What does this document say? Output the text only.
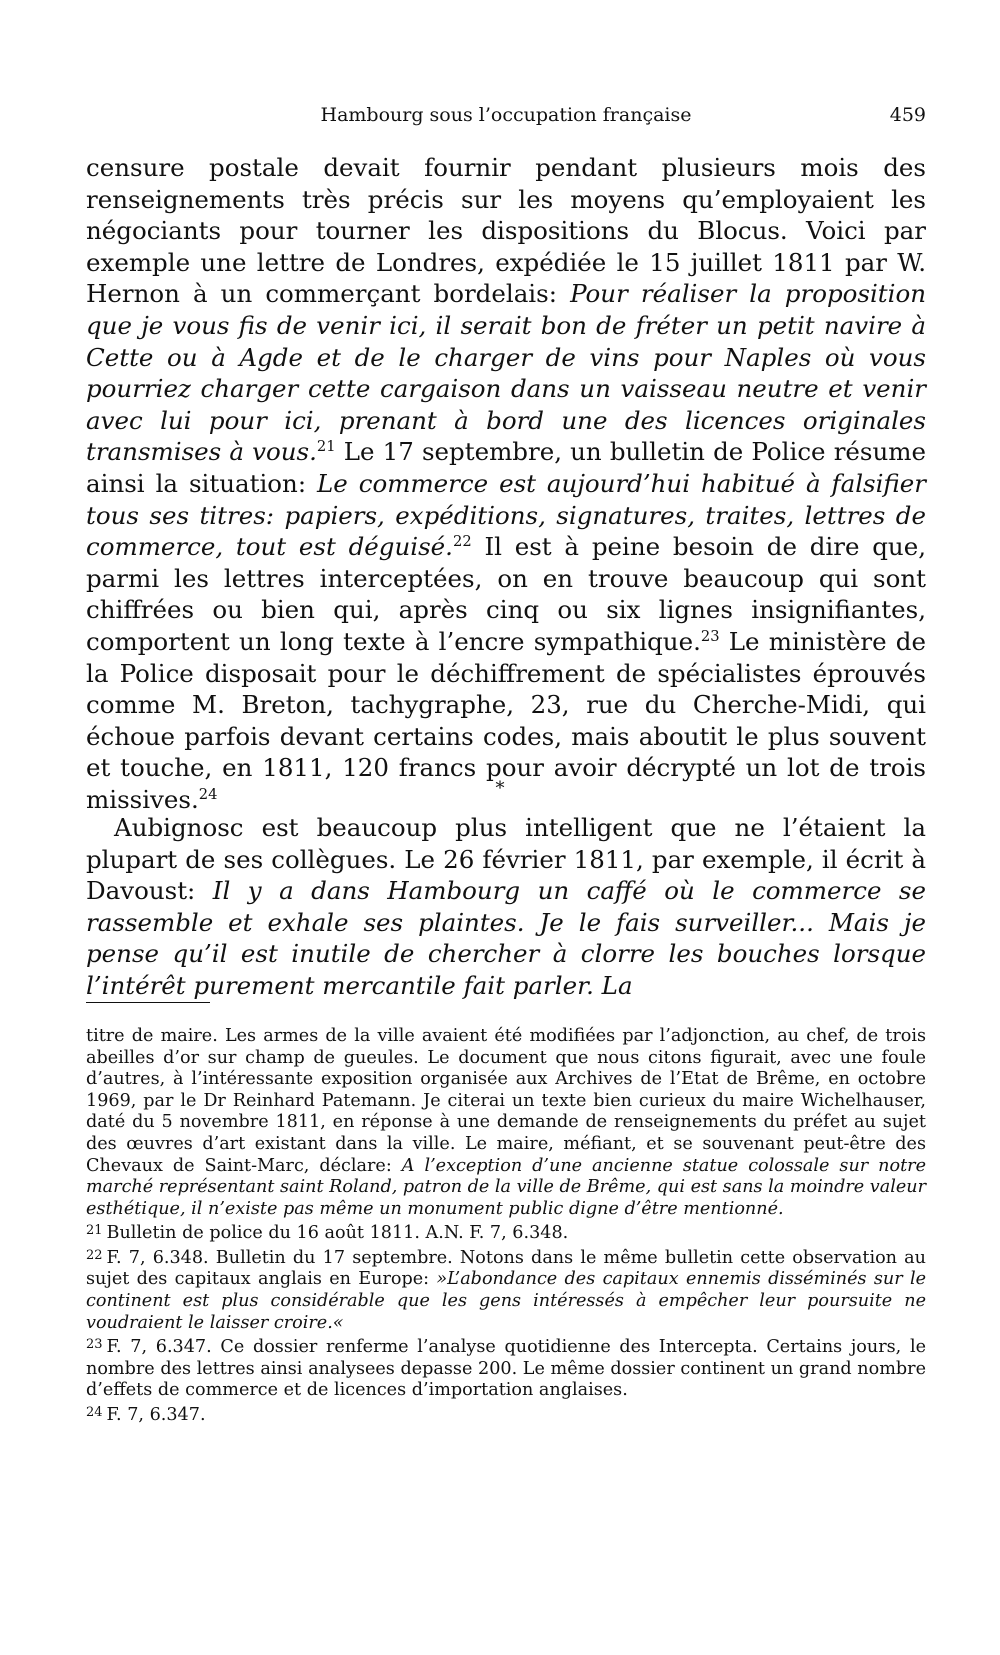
Hambourg sous l’occupation française	459

censure postale devait fournir pendant plusieurs mois des renseignements très précis sur les moyens qu’employaient les négociants pour tourner les dispositions du Blocus. Voici par exemple une lettre de Londres, expédiée le 15 juillet 1811 par W. Hernon à un commerçant bordelais: Pour réaliser la proposition que je vous fis de venir ici, il serait bon de fréter un petit navire à Cette ou à Agde et de le charger de vins pour Naples où vous pourriez charger cette cargaison dans un vaisseau neutre et venir avec lui pour ici, prenant à bord une des licences originales transmises à vous.$^{21}$ Le 17 septembre, un bulletin de Police résume ainsi la situation: Le commerce est aujourd’hui habitué à falsifier tous ses titres: papiers, expéditions, signatures, traites, lettres de commerce, tout est déguisé.$^{22}$ Il est à peine besoin de dire que, parmi les lettres interceptées, on en trouve beaucoup qui sont chiffrées ou bien qui, après cinq ou six lignes insignifiantes, comportent un long texte à l’encre sympathique.$^{23}$ Le ministère de la Police disposait pour le déchiffrement de spécialistes éprouvés comme M. Breton, tachygraphe, 23, rue du Cherche-Midi, qui échoue parfois devant certains codes, mais aboutit le plus souvent et touche, en 1811, 120 francs pour avoir décrypté un lot de trois missives.$^{24}$	*

Aubignosc est beaucoup plus intelligent que ne l’étaient la plupart de ses collègues. Le 26 février 1811, par exemple, il écrit à Davoust: Il y a dans Hambourg un caffé où le commerce se rassemble et exhale ses plaintes. Je le fais surveiller... Mais je pense qu’il est inutile de chercher à clorre les bouches lorsque l’intérêt purement mercantile fait parler. La

titre de maire. Les armes de la ville avaient été modifiées par l’adjonction, au chef, de trois abeilles d’or sur champ de gueules. Le document que nous citons figurait, avec une foule d’autres, à l’intéressante exposition organisée aux Archives de l’Etat de Brême, en octobre 1969, par le Dr Reinhard Patemann. Je citerai un texte bien curieux du maire Wichelhauser, daté du 5 novembre 1811, en réponse à une demande de renseignements du préfet au sujet des œuvres d’art existant dans la ville. Le maire, méfiant, et se souvenant peut-être des Chevaux de Saint-Marc, déclare: A l’exception d’une ancienne statue colossale sur notre marché représentant saint Roland, patron de la ville de Brême, qui est sans la moindre valeur esthétique, il n’existe pas même un monument public digne d’être mentionné.

$^{21}$ Bulletin de police du 16 août 1811. A.N. F. 7, 6.348.

$^{22}$ F. 7, 6.348. Bulletin du 17 septembre. Notons dans le même bulletin cette observation au sujet des capitaux anglais en Europe: »L’abondance des capitaux ennemis disséminés sur le continent est plus considérable que les gens intéressés à empêcher leur poursuite ne voudraient le laisser croire.«

$^{23}$ F. 7, 6.347. Ce dossier renferme l’analyse quotidienne des Intercepta. Certains jours, le nombre des lettres ainsi analysees depasse 200. Le même dossier continent un grand nombre d’effets de commerce et de licences d’importation anglaises.

$^{24}$ F. 7, 6.347.
